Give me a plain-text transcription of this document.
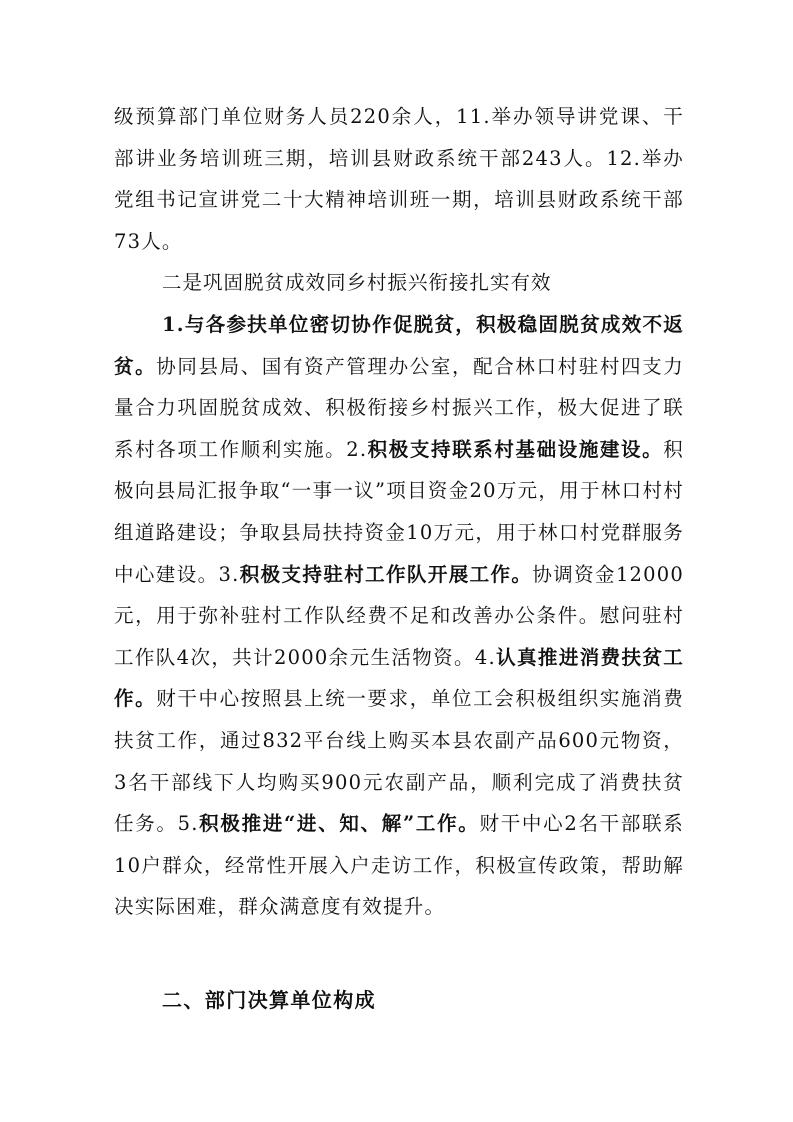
级预算部门单位财务人员220余人，11.举办领导讲党课、干部讲业务培训班三期，培训县财政系统干部243人。12.举办党组书记宣讲党二十大精神培训班一期，培训县财政系统干部73人。

二是巩固脱贫成效同乡村振兴衔接扎实有效

1.与各参扶单位密切协作促脱贫，积极稳固脱贫成效不返贫。协同县局、国有资产管理办公室，配合林口村驻村四支力量合力巩固脱贫成效、积极衔接乡村振兴工作，极大促进了联系村各项工作顺利实施。2.积极支持联系村基础设施建设。积极向县局汇报争取“一事一议”项目资金20万元，用于林口村村组道路建设；争取县局扶持资金10万元，用于林口村党群服务中心建设。3.积极支持驻村工作队开展工作。协调资金12000元，用于弥补驻村工作队经费不足和改善办公条件。慰问驻村工作队4次，共计2000余元生活物资。4.认真推进消费扶贫工作。财干中心按照县上统一要求，单位工会积极组织实施消费扶贫工作，通过832平台线上购买本县农副产品600元物资，3名干部线下人均购买900元农副产品，顺利完成了消费扶贫任务。5.积极推进“进、知、解”工作。财干中心2名干部联系10户群众，经常性开展入户走访工作，积极宣传政策，帮助解决实际困难，群众满意度有效提升。

二、部门决算单位构成
